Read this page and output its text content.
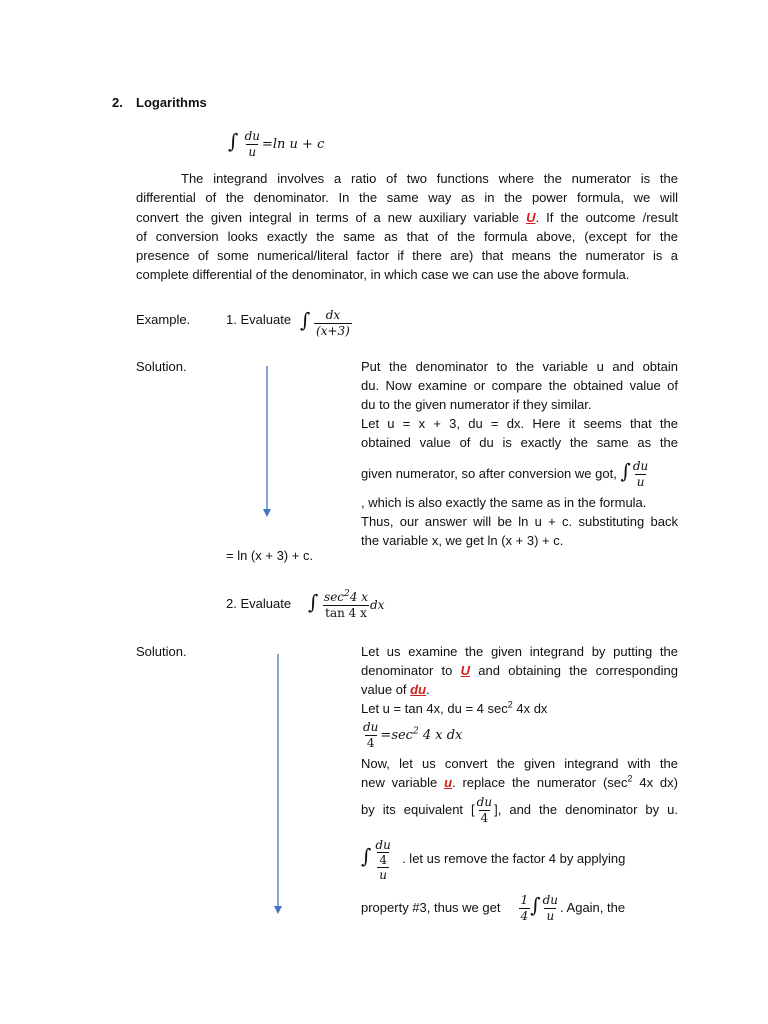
2. Logarithms
∫ $\frac{du}{u} =\ln$ u + c
The integrand involves a ratio of two functions where the numerator is the
differential of the denominator. In the same way as in the power formula, we will
convert the given integral in terms of a new auxiliary variable U. If the outcome /result
of conversion looks exactly the same as that of the formula above, (except for the
presence of some numerical/literal factor if there are) that means the numerator is a
complete differential of the denominator, in which case we can use the above formula.
Example.	1. Evaluate ∫ $\frac{dx}{(x+3)}$
Solution.	Put the denominator to the variable u and obtain
du. Now examine or compare the obtained value of
du to the given numerator if they similar.
Let u = x + 3, du = dx. Here it seems that the
obtained value of du is exactly the same as the
given numerator, so after conversion we got, ∫ $\frac{du}{u}$
, which is also exactly the same as in the formula.
Thus, our answer will be ln u + c. substituting back
the variable x, we get ln (x + 3) + c.
= ln (x + 3) + c.
2. Evaluate ∫ $\frac{\sec^24 x}{\tan 4 x}$ dx
Solution.	Let us examine the given integrand by putting the
denominator to U and obtaining the corresponding
value of du.
Let u = tan 4x, du = 4 $\sec^2 4x$ dx
$\frac{du}{4} =\sec^2$ 4 x dx
Now, let us convert the given integrand with the
new variable u. replace the numerator ($\sec^2$ 4x dx)
by its equivalent [ $\frac{du}{4}$ ], and the denominator by u.
∫ $\frac{\frac{du}{4}}{u}$ . let us remove the factor 4 by applying
property #3, thus we get $\frac{1}{4}$ ∫ $\frac{du}{u}$ . Again, the
